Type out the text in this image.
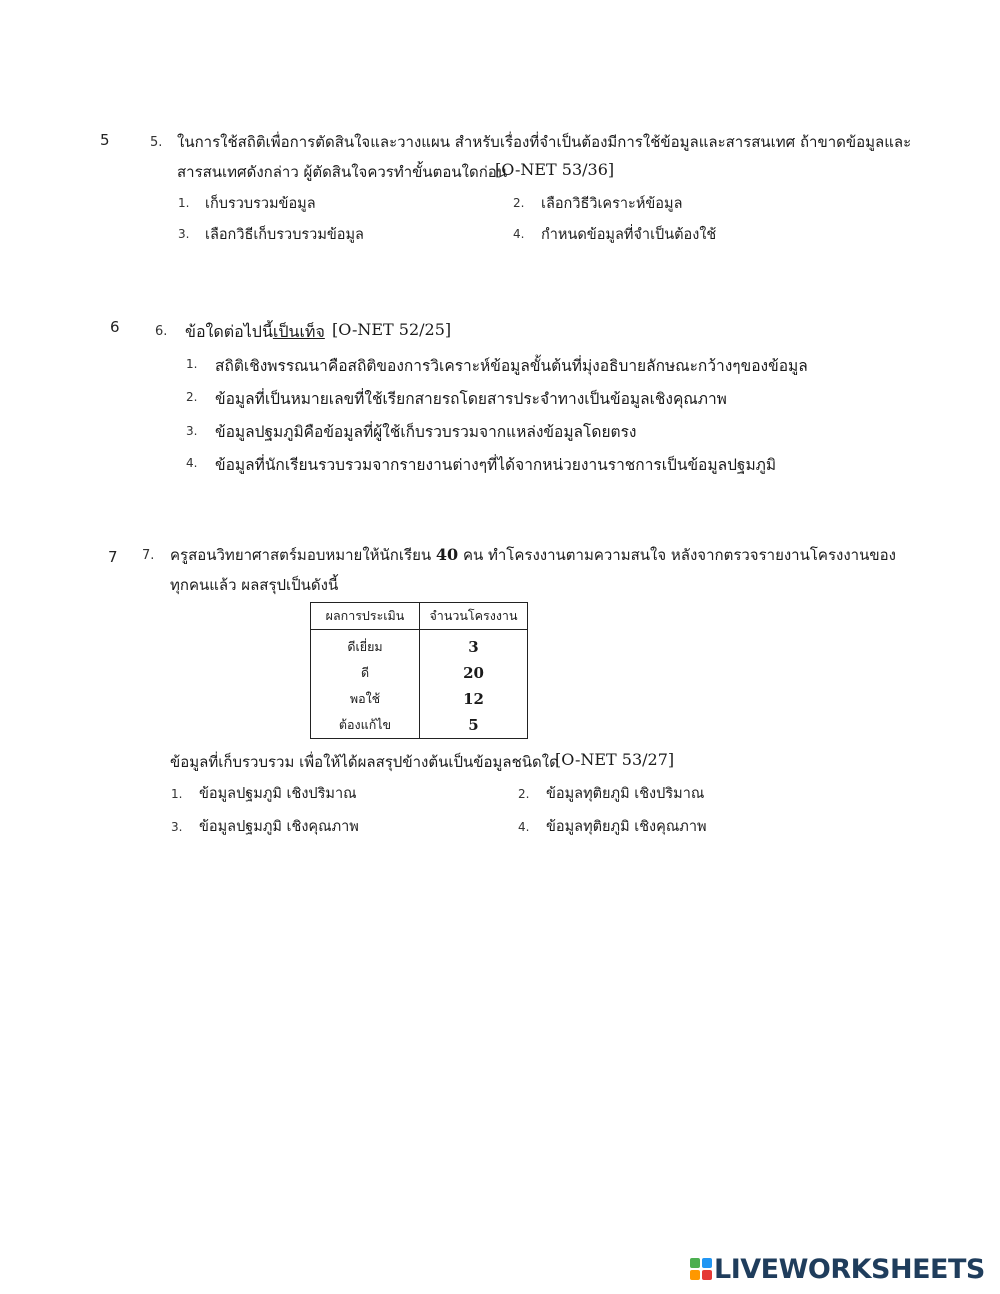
5	5. ในการใช้สถิติเพื่อการตัดสินใจและวางแผน สำหรับเรื่องที่จำเป็นต้องมีการใช้ข้อมูลและสารสนเทศ ถ้าขาดข้อมูลและ
สารสนเทศดังกล่าว ผู้ตัดสินใจควรทำขั้นตอนใดก่อน
[O-NET 53/36]
1. เก็บรวบรวมข้อมูล	2. เลือกวิธีวิเคราะห์ข้อมูล
3. เลือกวิธีเก็บรวบรวมข้อมูล	4. กำหนดข้อมูลที่จำเป็นต้องใช้
6	6. ข้อใดต่อไปนี้เป็นเท็จ [O-NET 52/25]
1. สถิติเชิงพรรณนาคือสถิติของการวิเคราะห์ข้อมูลขั้นต้นที่มุ่งอธิบายลักษณะกว้างๆของข้อมูล
2. ข้อมูลที่เป็นหมายเลขที่ใช้เรียกสายรถโดยสารประจำทางเป็นข้อมูลเชิงคุณภาพ
3. ข้อมูลปฐมภูมิคือข้อมูลที่ผู้ใช้เก็บรวบรวมจากแหล่งข้อมูลโดยตรง
4. ข้อมูลที่นักเรียนรวบรวมจากรายงานต่างๆที่ได้จากหน่วยงานราชการเป็นข้อมูลปฐมภูมิ
7 7. ครูสอนวิทยาศาสตร์มอบหมายให้นักเรียน 40 คน ทำโครงงานตามความสนใจ หลังจากตรวจรายงานโครงงานของ
ทุกคนแล้ว ผลสรุปเป็นดังนี้
ผลการประเมิน	จำนวนโครงงาน
ดีเยี่ยม	3
ดี	20
พอใช้	12
ต้องแก้ไข	5
ข้อมูลที่เก็บรวบรวม เพื่อให้ได้ผลสรุปข้างต้นเป็นข้อมูลชนิดใด
[O-NET 53/27]
1. ข้อมูลปฐมภูมิ เชิงปริมาณ	2. ข้อมูลทุติยภูมิ เชิงปริมาณ
3. ข้อมูลปฐมภูมิ เชิงคุณภาพ	4. ข้อมูลทุติยภูมิ เชิงคุณภาพ
LIVEWORKSHEETS
